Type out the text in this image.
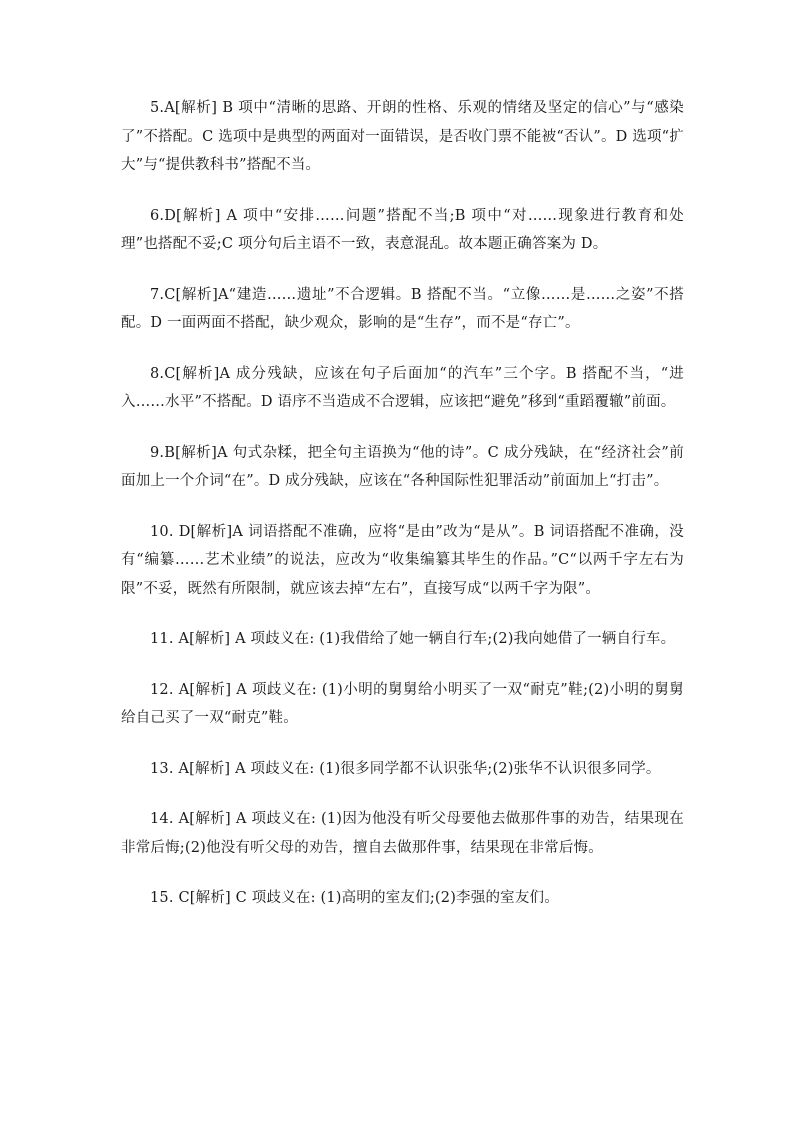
5.A[解析] B 项中“清晰的思路、开朗的性格、乐观的情绪及坚定的信心”与“感染了”不搭配。C 选项中是典型的两面对一面错误，是否收门票不能被“否认”。D 选项“扩大”与“提供教科书”搭配不当。

6.D[解析] A 项中“安排……问题”搭配不当;B 项中“对……现象进行教育和处理”也搭配不妥;C 项分句后主语不一致，表意混乱。故本题正确答案为 D。

7.C[解析]A“建造……遗址”不合逻辑。B 搭配不当。“立像……是……之姿”不搭配。D 一面两面不搭配，缺少观众，影响的是“生存”，而不是“存亡”。

8.C[解析]A 成分残缺，应该在句子后面加“的汽车”三个字。B 搭配不当，“进入……水平”不搭配。D 语序不当造成不合逻辑，应该把“避免”移到“重蹈覆辙”前面。

9.B[解析]A 句式杂糅，把全句主语换为“他的诗”。C 成分残缺，在“经济社会”前面加上一个介词“在”。D 成分残缺，应该在“各种国际性犯罪活动”前面加上“打击”。

10. D[解析]A 词语搭配不准确，应将“是由”改为“是从”。B 词语搭配不准确，没有“编纂……艺术业绩”的说法，应改为“收集编纂其毕生的作品。”C“以两千字左右为限”不妥，既然有所限制，就应该去掉“左右”，直接写成“以两千字为限”。

11. A[解析] A 项歧义在: (1)我借给了她一辆自行车;(2)我向她借了一辆自行车。

12. A[解析] A 项歧义在: (1)小明的舅舅给小明买了一双“耐克”鞋;(2)小明的舅舅给自己买了一双“耐克”鞋。

13. A[解析] A 项歧义在: (1)很多同学都不认识张华;(2)张华不认识很多同学。

14. A[解析] A 项歧义在: (1)因为他没有听父母要他去做那件事的劝告，结果现在非常后悔;(2)他没有听父母的劝告，擅自去做那件事，结果现在非常后悔。

15. C[解析] C 项歧义在: (1)高明的室友们;(2)李强的室友们。
